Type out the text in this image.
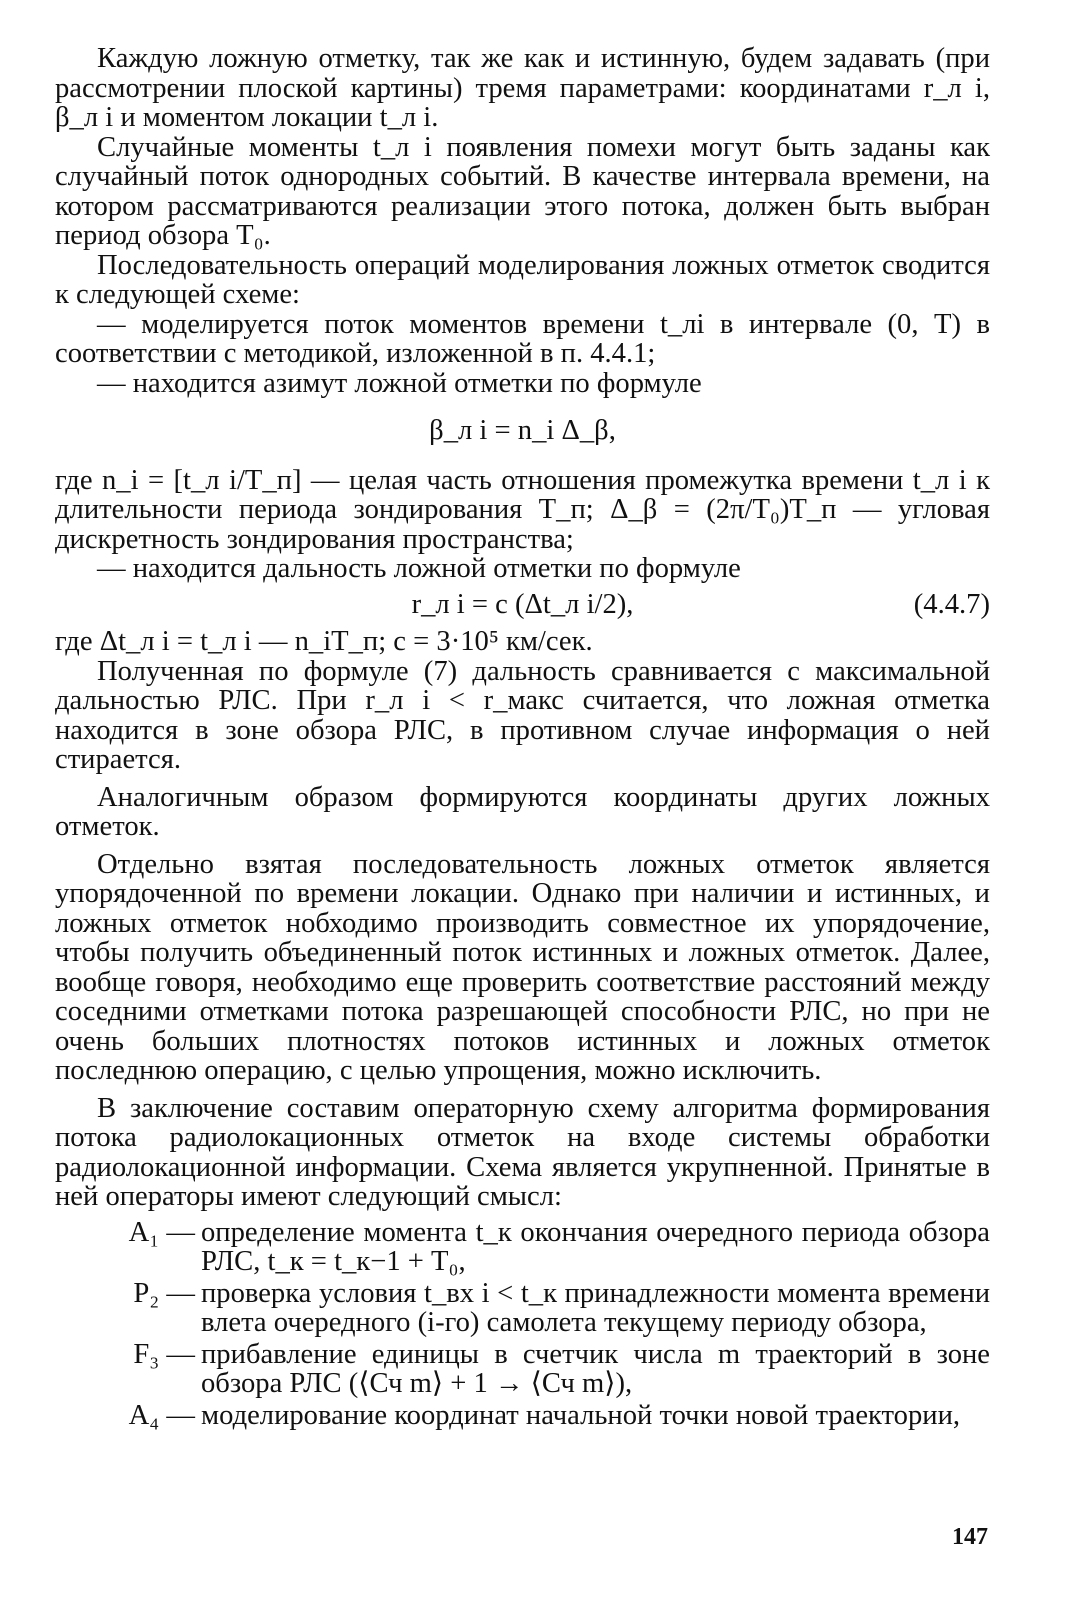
Каждую ложную отметку, так же как и истинную, будем задавать (при рассмотрении плоской картины) тремя параметрами: координатами r_л i, β_л i и моментом локации t_л i.

Случайные моменты t_л i появления помехи могут быть заданы как случайный поток однородных событий. В качестве интервала времени, на котором рассматриваются реализации этого потока, должен быть выбран период обзора T₀.

Последовательность операций моделирования ложных отметок сводится к следующей схеме:

— моделируется поток моментов времени t_лi в интервале (0, T) в соответствии с методикой, изложенной в п. 4.4.1;

— находится азимут ложной отметки по формуле

β_л i = n_i Δ_β,

где n_i = [t_л i/T_п] — целая часть отношения промежутка времени t_л i к длительности периода зондирования T_п; Δ_β = (2π/T₀)T_п — угловая дискретность зондирования пространства;

— находится дальность ложной отметки по формуле

r_л i = c (Δt_л i/2),	(4.4.7)

где Δt_л i = t_л i — n_iT_п; c = 3·10⁵ км/сек.

Полученная по формуле (7) дальность сравнивается с максимальной дальностью РЛС. При r_л i < r_макс считается, что ложная отметка находится в зоне обзора РЛС, в противном случае информация о ней стирается.

Аналогичным образом формируются координаты других ложных отметок.

Отдельно взятая последовательность ложных отметок является упорядоченной по времени локации. Однако при наличии и истинных, и ложных отметок нобходимо производить совместное их упорядочение, чтобы получить объединенный поток истинных и ложных отметок. Далее, вообще говоря, необходимо еще проверить соответствие расстояний между соседними отметками потока разрешающей способности РЛС, но при не очень больших плотностях потоков истинных и ложных отметок последнюю операцию, с целью упрощения, можно исключить.

В заключение составим операторную схему алгоритма формирования потока радиолокационных отметок на входе системы обработки радиолокационной информации. Схема является укрупненной. Принятые в ней операторы имеют следующий смысл:

A₁ — определение момента t_к окончания очередного периода обзора РЛС, t_к = t_к−1 + T₀,
P₂ — проверка условия t_вх i < t_к принадлежности момента времени влета очередного (i-го) самолета текущему периоду обзора,
F₃ — прибавление единицы в счетчик числа m траекторий в зоне обзора РЛС (⟨Сч m⟩ + 1 → ⟨Сч m⟩),
A₄ — моделирование координат начальной точки новой траектории,
147
